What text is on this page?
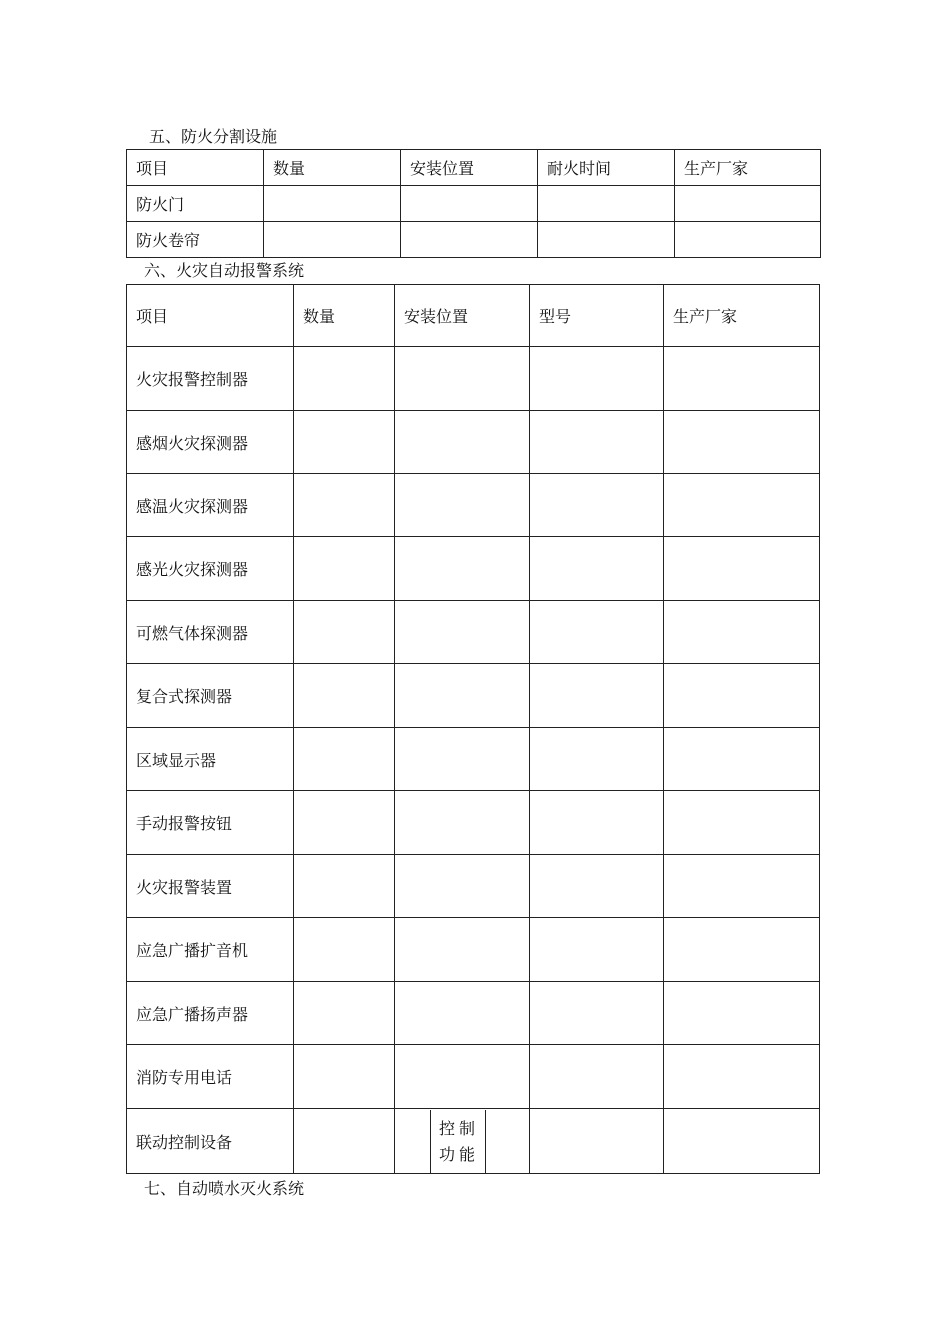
五、防火分割设施
项目	数量	安装位置	耐火时间	生产厂家
防火门				
防火卷帘				
六、火灾自动报警系统
项目	数量	安装位置	型号	生产厂家
火灾报警控制器				
感烟火灾探测器				
感温火灾探测器				
感光火灾探测器				
可燃气体探测器				
复合式探测器				
区域显示器				
手动报警按钮				
火灾报警装置				
应急广播扩音机				
应急广播扬声器				
消防专用电话				
联动控制设备		控制功能		

七、自动喷水灭火系统
